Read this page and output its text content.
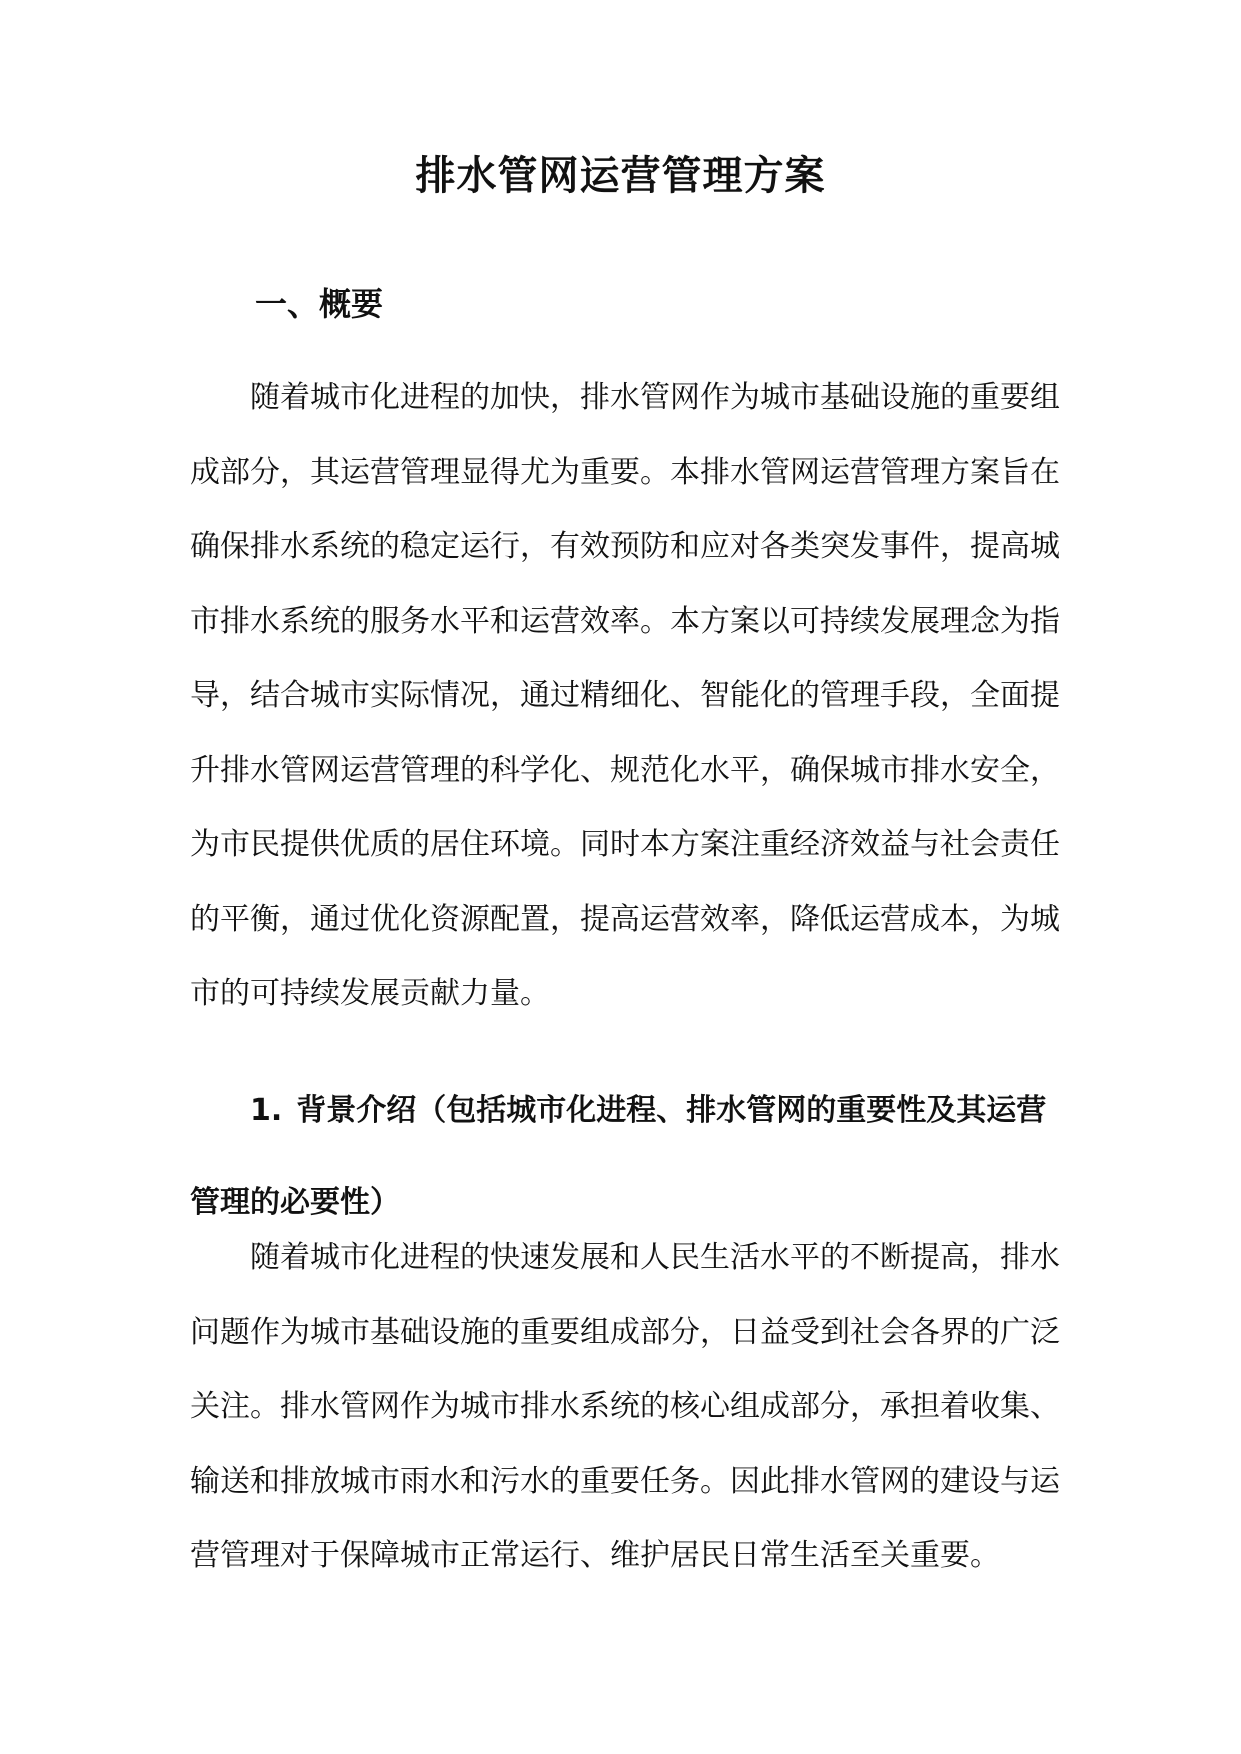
排水管网运营管理方案
一、概要

随着城市化进程的加快，排水管网作为城市基础设施的重要组成部分，其运营管理显得尤为重要。本排水管网运营管理方案旨在确保排水系统的稳定运行，有效预防和应对各类突发事件，提高城市排水系统的服务水平和运营效率。本方案以可持续发展理念为指导，结合城市实际情况，通过精细化、智能化的管理手段，全面提升排水管网运营管理的科学化、规范化水平，确保城市排水安全，为市民提供优质的居住环境。同时本方案注重经济效益与社会责任的平衡，通过优化资源配置，提高运营效率，降低运营成本，为城市的可持续发展贡献力量。

1. 背景介绍（包括城市化进程、排水管网的重要性及其运营管理的必要性）

随着城市化进程的快速发展和人民生活水平的不断提高，排水问题作为城市基础设施的重要组成部分，日益受到社会各界的广泛关注。排水管网作为城市排水系统的核心组成部分，承担着收集、输送和排放城市雨水和污水的重要任务。因此排水管网的建设与运营管理对于保障城市正常运行、维护居民日常生活至关重要。
